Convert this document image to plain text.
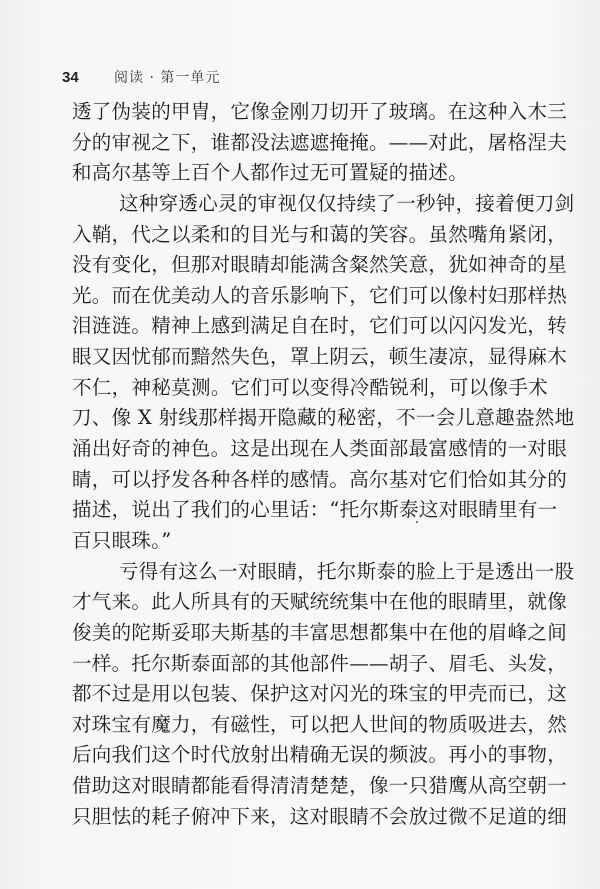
34	阅读 · 第一单元
透了伪装的甲胄，它像金刚刀切开了玻璃。在这种入木三
分的审视之下，谁都没法遮遮掩掩。——对此，屠格涅夫
和高尔基等上百个人都作过无可置疑的描述。
这种穿透心灵的审视仅仅持续了一秒钟，接着便刀剑
入鞘，代之以柔和的目光与和蔼的笑容。虽然嘴角紧闭，
没有变化，但那对眼睛却能满含粲然笑意，犹如神奇的星
光。而在优美动人的音乐影响下，它们可以像村妇那样热
泪涟涟。精神上感到满足自在时，它们可以闪闪发光，转
眼又因忧郁而黯然失色，罩上阴云，顿生凄凉，显得麻木
不仁，神秘莫测。它们可以变得冷酷锐利，可以像手术
刀、像 X 射线那样揭开隐藏的秘密，不一会儿意趣盎然地
涌出好奇的神色。这是出现在人类面部最富感情的一对眼
睛，可以抒发各种各样的感情。高尔基对它们恰如其分的
描述，说出了我们的心里话：“托尔斯泰这对眼睛里有一
百只眼珠。”
亏得有这么一对眼睛，托尔斯泰的脸上于是透出一股
才气来。此人所具有的天赋统统集中在他的眼睛里，就像
俊美的陀斯妥耶夫斯基的丰富思想都集中在他的眉峰之间
一样。托尔斯泰面部的其他部件——胡子、眉毛、头发，
都不过是用以包装、保护这对闪光的珠宝的甲壳而已，这
对珠宝有魔力，有磁性，可以把人世间的物质吸进去，然
后向我们这个时代放射出精确无误的频波。再小的事物，
借助这对眼睛都能看得清清楚楚，像一只猎鹰从高空朝一
只胆怯的耗子俯冲下来，这对眼睛不会放过微不足道的细
